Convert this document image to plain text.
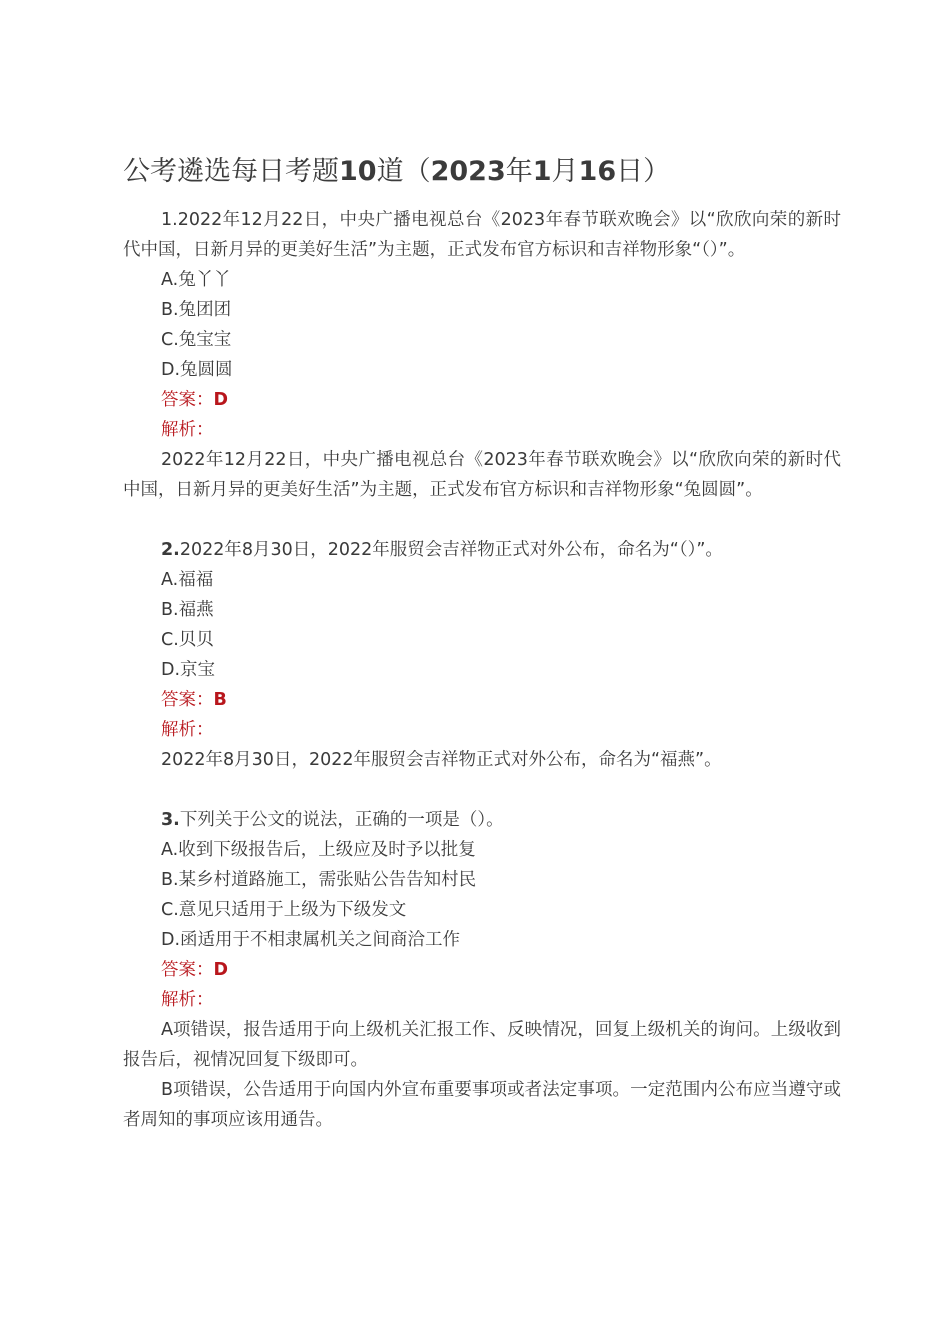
公考遴选每日考题10道（2023年1月16日）

1.2022年12月22日，中央广播电视总台《2023年春节联欢晚会》以“欣欣向荣的新时代中国，日新月异的更美好生活”为主题，正式发布官方标识和吉祥物形象“（）”。

A.兔丫丫

B.兔团团

C.兔宝宝

D.兔圆圆

答案：D

解析：

2022年12月22日，中央广播电视总台《2023年春节联欢晚会》以“欣欣向荣的新时代中国，日新月异的更美好生活”为主题，正式发布官方标识和吉祥物形象“兔圆圆”。

2.2022年8月30日，2022年服贸会吉祥物正式对外公布，命名为“（）”。

A.福福

B.福燕

C.贝贝

D.京宝

答案：B

解析：

2022年8月30日，2022年服贸会吉祥物正式对外公布，命名为“福燕”。

3.下列关于公文的说法，正确的一项是（）。

A.收到下级报告后，上级应及时予以批复

B.某乡村道路施工，需张贴公告告知村民

C.意见只适用于上级为下级发文

D.函适用于不相隶属机关之间商洽工作

答案：D

解析：

A项错误，报告适用于向上级机关汇报工作、反映情况，回复上级机关的询问。上级收到报告后，视情况回复下级即可。

B项错误，公告适用于向国内外宣布重要事项或者法定事项。一定范围内公布应当遵守或者周知的事项应该用通告。
